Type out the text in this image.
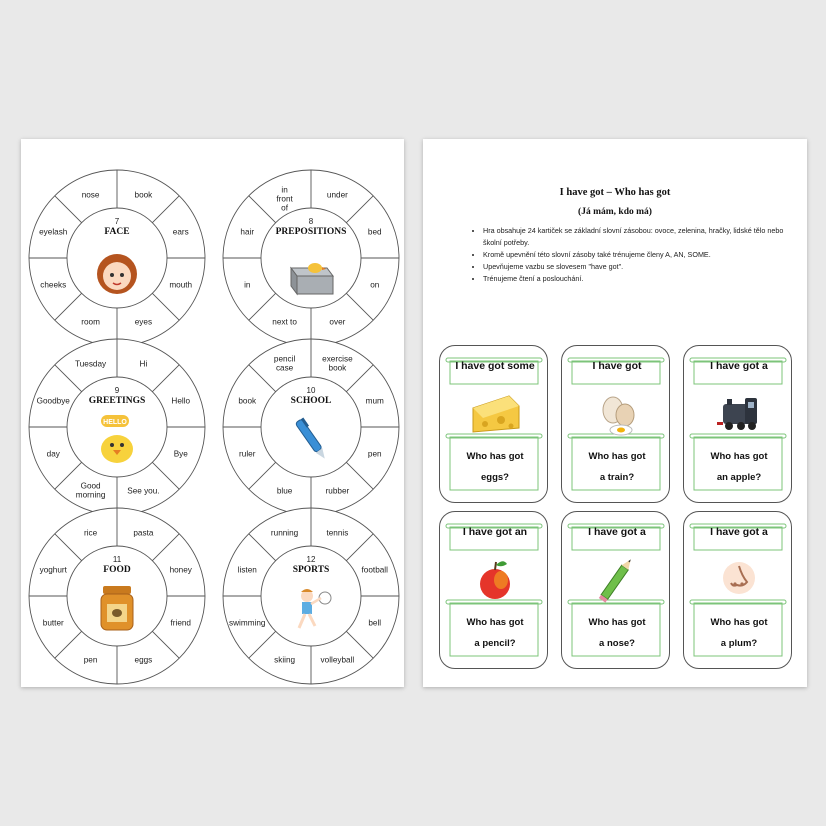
book
ears
mouth
eyes
room
cheeks
eyelash
nose
7
FACE
under
bed
on
over
next to
in
hair
in front of
8
PREPOSITIONS
Hi
Hello
Bye
See you.
Good morning
day
Goodbye
Tuesday
9
GREETINGS
HELLO
exercise book
mum
pen
rubber
blue
ruler
book
pencil case
10
SCHOOL
pasta
honey
friend
eggs
pen
butter
yoghurt
rice
11
FOOD
tennis
football
bell
volleyball
skiing
swimming
listen
running
12
SPORTS
I have got – Who has got
(Já mám, kdo má)
• Hra obsahuje 24 kartiček se základní slovní zásobou: ovoce, zelenina, hračky, lidské tělo nebo školní potřeby.
• Kromě upevnění této slovní zásoby také trénujeme členy A, AN, SOME.
• Upevňujeme vazbu se slovesem "have got".
• Trénujeme čtení a poslouchání.
I have got some
Who has got
eggs?
I have got
Who has got
a train?
I have got a
Who has got
an apple?
I have got an
Who has got
a pencil?
I have got a
Who has got
a nose?
I have got a
Who has got
a plum?
